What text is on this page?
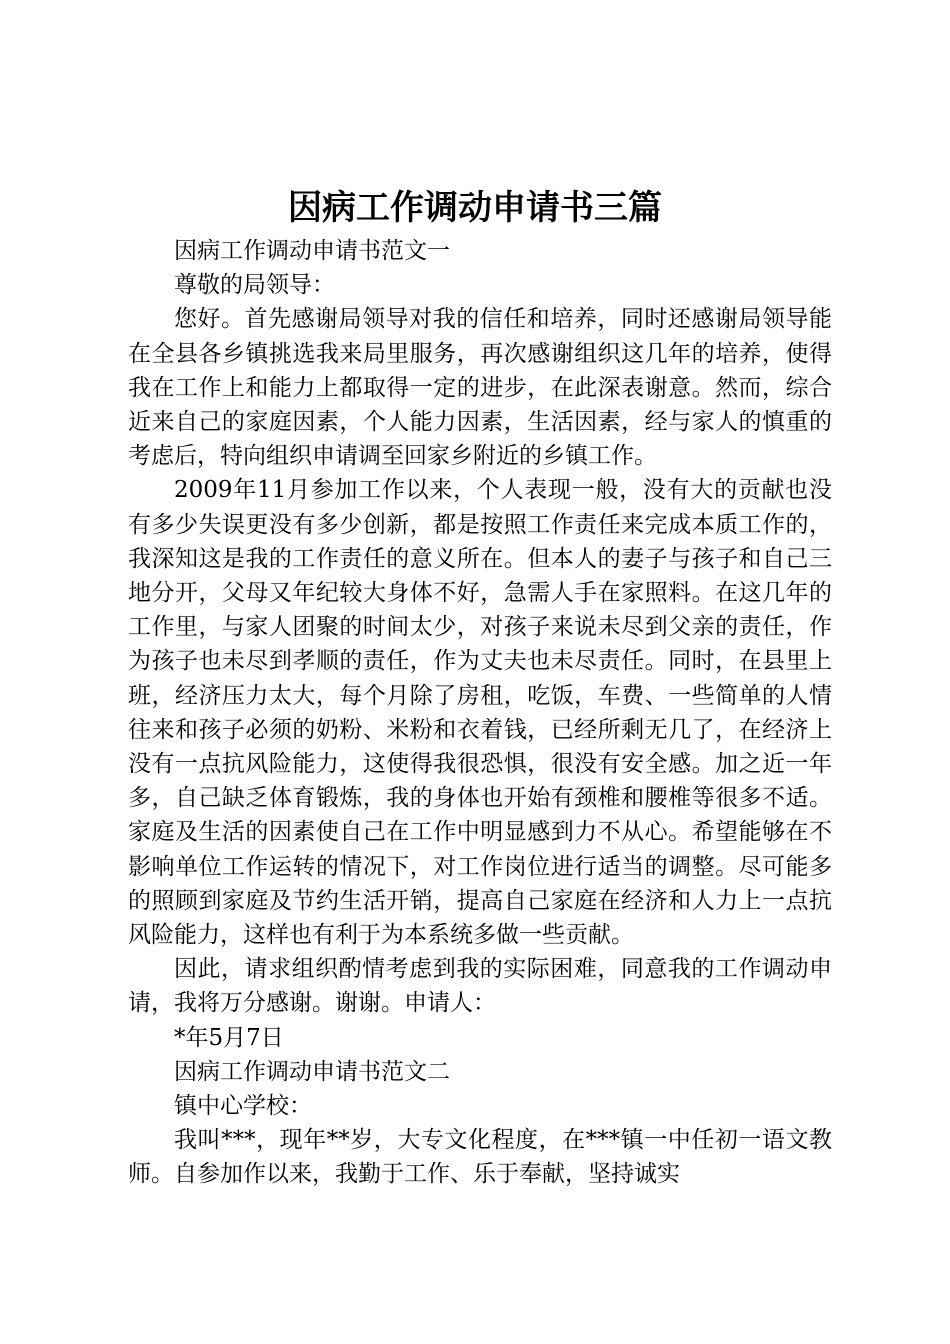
因病工作调动申请书三篇

因病工作调动申请书范文一

尊敬的局领导：

您好。首先感谢局领导对我的信任和培养，同时还感谢局领导能在全县各乡镇挑选我来局里服务，再次感谢组织这几年的培养，使得我在工作上和能力上都取得一定的进步，在此深表谢意。然而，综合近来自己的家庭因素，个人能力因素，生活因素，经与家人的慎重的考虑后，特向组织申请调至回家乡附近的乡镇工作。

2009年11月参加工作以来，个人表现一般，没有大的贡献也没有多少失误更没有多少创新，都是按照工作责任来完成本质工作的，我深知这是我的工作责任的意义所在。但本人的妻子与孩子和自己三地分开，父母又年纪较大身体不好，急需人手在家照料。在这几年的工作里，与家人团聚的时间太少，对孩子来说未尽到父亲的责任，作为孩子也未尽到孝顺的责任，作为丈夫也未尽责任。同时，在县里上班，经济压力太大，每个月除了房租，吃饭，车费、一些简单的人情往来和孩子必须的奶粉、米粉和衣着钱，已经所剩无几了，在经济上没有一点抗风险能力，这使得我很恐惧，很没有安全感。加之近一年多，自己缺乏体育锻炼，我的身体也开始有颈椎和腰椎等很多不适。家庭及生活的因素使自己在工作中明显感到力不从心。希望能够在不影响单位工作运转的情况下，对工作岗位进行适当的调整。尽可能多的照顾到家庭及节约生活开销，提高自己家庭在经济和人力上一点抗风险能力，这样也有利于为本系统多做一些贡献。

因此，请求组织酌情考虑到我的实际困难，同意我的工作调动申请，我将万分感谢。谢谢。申请人：

*年5月7日

因病工作调动申请书范文二

镇中心学校：

我叫***，现年**岁，大专文化程度，在***镇一中任初一语文教师。自参加作以来，我勤于工作、乐于奉献，坚持诚实
